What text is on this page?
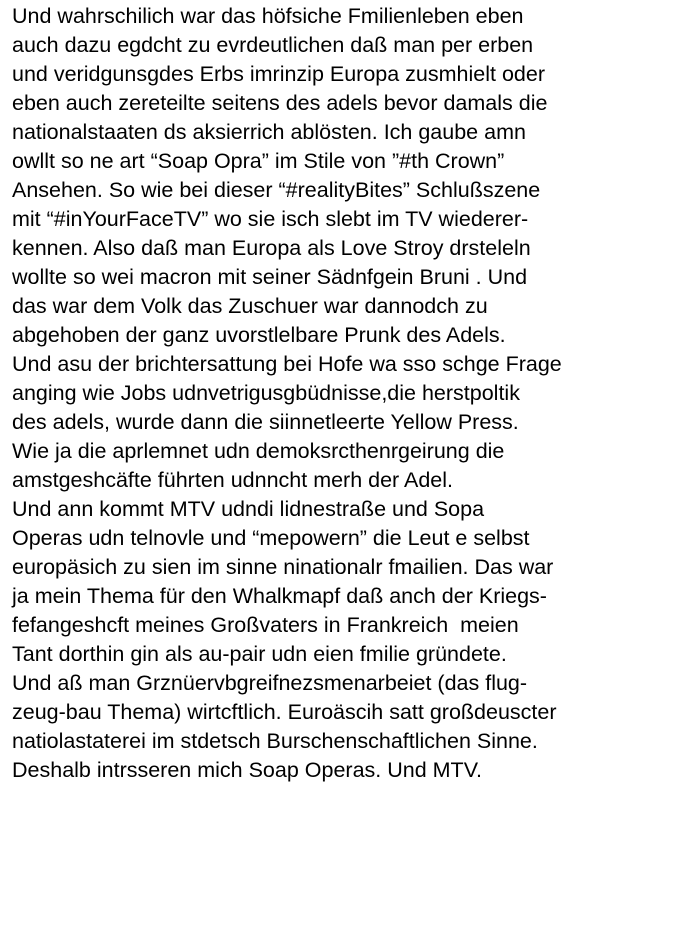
Und wahrschilich war das höfsiche Fmilienleben eben
auch dazu egdcht zu evrdeutlichen daß man per erben
und veridgunsgdes Erbs imrinzip Europa zusmhielt oder
eben auch zereteilte seitens des adels bevor damals die
nationalstaaten ds aksierrich ablösten. Ich gaube amn
owllt so ne art “Soap Opra” im Stile von ”#th Crown”
Ansehen. So wie bei dieser “#realityBites” Schlußszene
mit “#inYourFaceTV” wo sie isch slebt im TV wiederer-
kennen. Also daß man Europa als Love Stroy drsteleln
wollte so wei macron mit seiner Sädnfgein Bruni . Und
das war dem Volk das Zuschuer war dannodch zu
abgehoben der ganz uvorstlelbare Prunk des Adels.
Und asu der brichtersattung bei Hofe wa sso schge Frage
anging wie Jobs udnvetrigusgbüdnisse,die herstpoltik
des adels, wurde dann die siinnetleerte Yellow Press.
Wie ja die aprlemnet udn demoksrcthenrgeirung die
amstgeshcäfte führten udnncht merh der Adel.
Und ann kommt MTV udndi lidnestraße und Sopa
Operas udn telnovle und “mepowern” die Leut e selbst
europäsich zu sien im sinne ninationalr fmailien. Das war
ja mein Thema für den Whalkmapf daß anch der Kriegs-
fefangeshcft meines Großvaters in Frankreich  meien
Tant dorthin gin als au-pair udn eien fmilie gründete.
Und aß man Grznüervbgreifnezsmenarbeiet (das flug-
zeug-bau Thema) wirtcftlich. Euroäscih satt großdeuscter
natiolastaterei im stdetsch Burschenschaftlichen Sinne.
Deshalb intrsseren mich Soap Operas. Und MTV.
